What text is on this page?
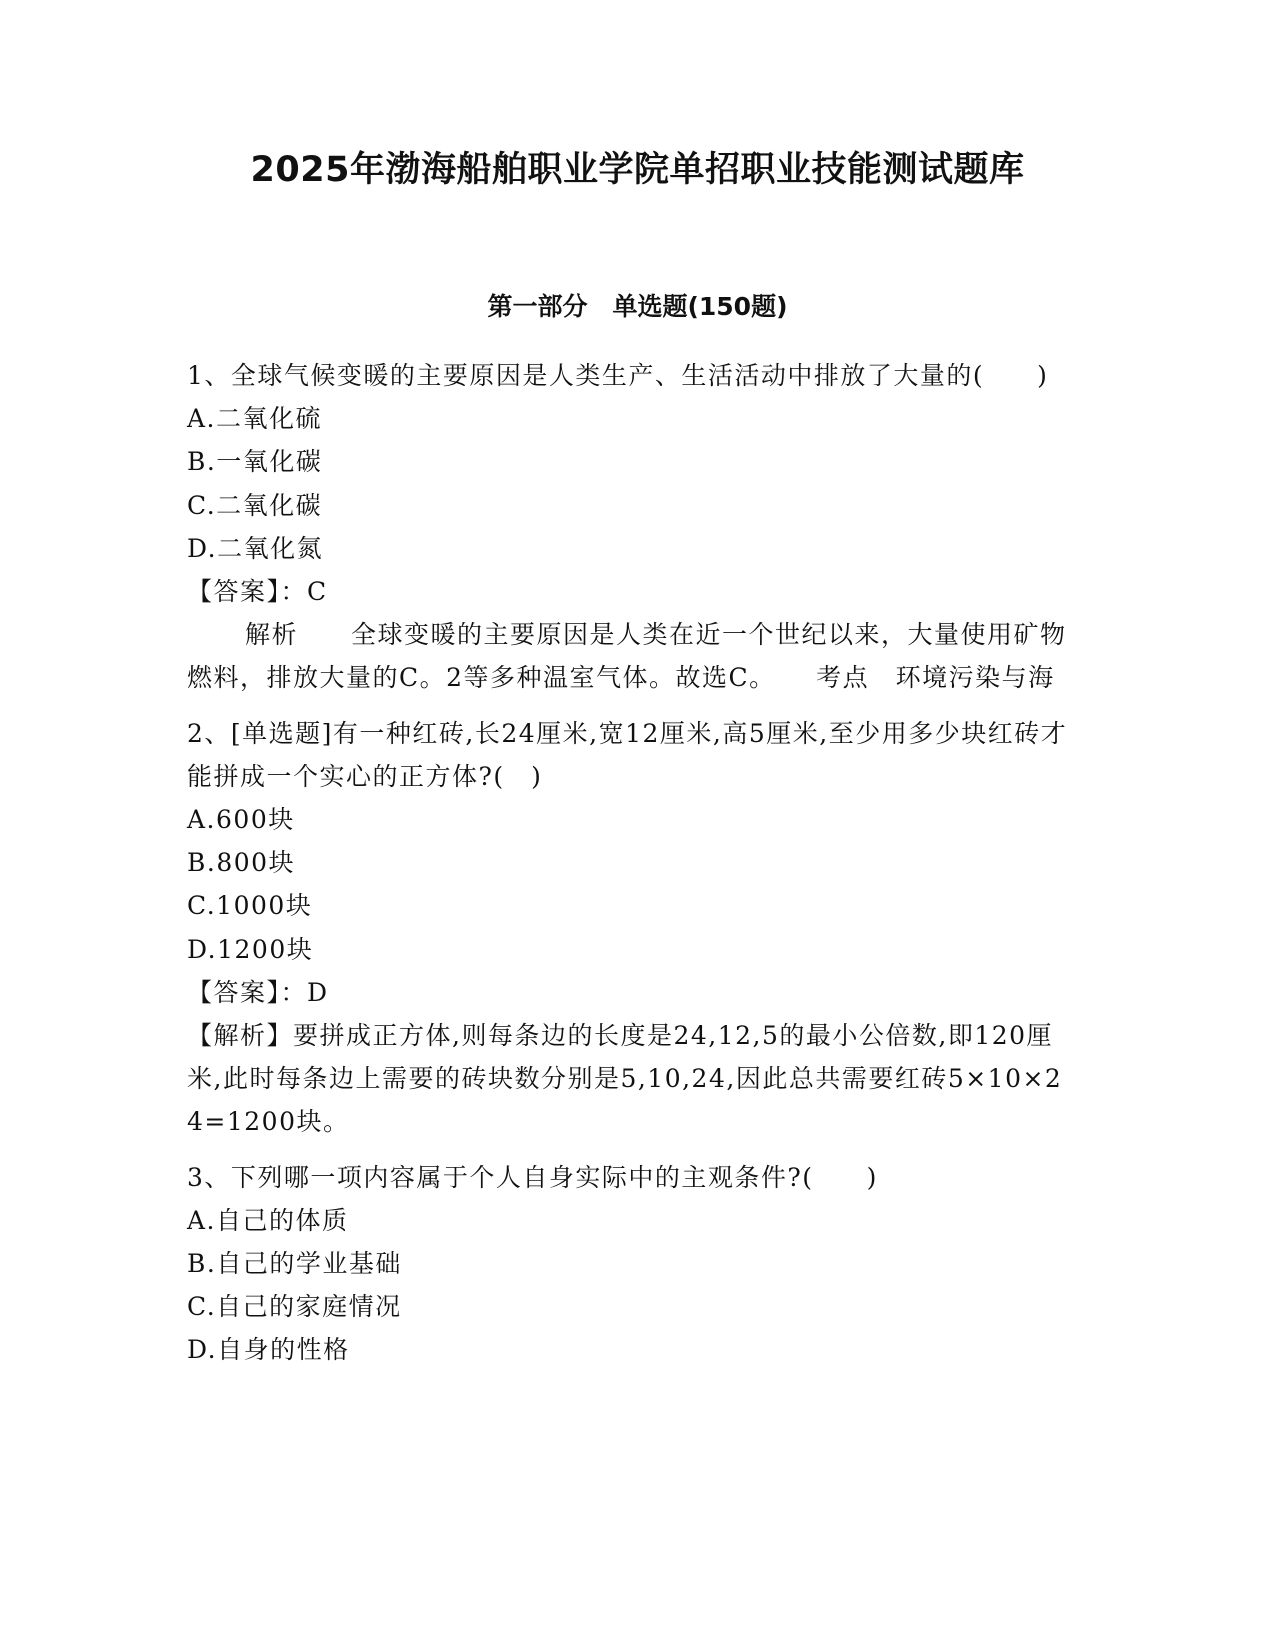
2025年渤海船舶职业学院单招职业技能测试题库
第一部分　单选题(150题)

1、全球气候变暖的主要原因是人类生产、生活活动中排放了大量的(　　)

A.二氧化硫

B.一氧化碳

C.二氧化碳

D.二氧化氮

【答案】：C

解析　　全球变暖的主要原因是人类在近一个世纪以来，大量使用矿物燃料，排放大量的C。2等多种温室气体。故选C。　　考点　环境污染与海

2、[单选题]有一种红砖,长24厘米,宽12厘米,高5厘米,至少用多少块红砖才能拼成一个实心的正方体?(　)

A.600块

B.800块

C.1000块

D.1200块

【答案】：D

【解析】要拼成正方体,则每条边的长度是24,12,5的最小公倍数,即120厘米,此时每条边上需要的砖块数分别是5,10,24,因此总共需要红砖5×10×24=1200块。

3、下列哪一项内容属于个人自身实际中的主观条件?(　　)

A.自己的体质

B.自己的学业基础

C.自己的家庭情况

D.自身的性格
